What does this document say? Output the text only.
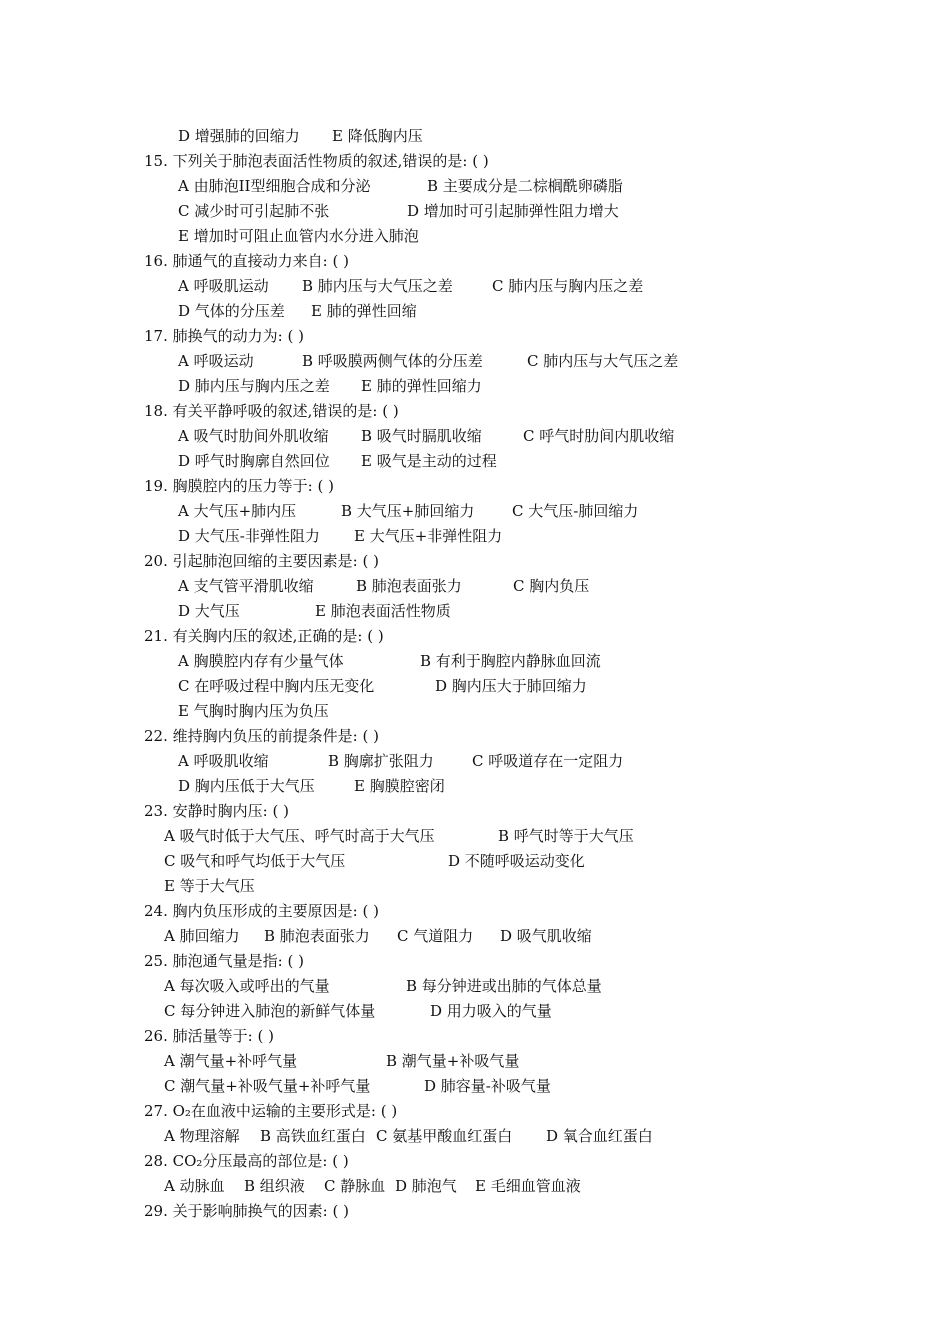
D 增强肺的回缩力 E 降低胸内压
15. 下列关于肺泡表面活性物质的叙述,错误的是: ( )
A 由肺泡II型细胞合成和分泌	B 主要成分是二棕榈酰卵磷脂
C 减少时可引起肺不张	D 增加时可引起肺弹性阻力增大
E 增加时可阻止血管内水分进入肺泡
16. 肺通气的直接动力来自: ( )
A 呼吸肌运动 B 肺内压与大气压之差	C 肺内压与胸内压之差
D 气体的分压差 E 肺的弹性回缩
17. 肺换气的动力为: ( )
A 呼吸运动	B 呼吸膜两侧气体的分压差	C 肺内压与大气压之差
D 肺内压与胸内压之差 E 肺的弹性回缩力
18. 有关平静呼吸的叙述,错误的是: ( )
A 吸气时肋间外肌收缩 B 吸气时膈肌收缩	C 呼气时肋间内肌收缩
D 呼气时胸廓自然回位 E 吸气是主动的过程
19. 胸膜腔内的压力等于: ( )
A 大气压+肺内压	B 大气压+肺回缩力	C 大气压-肺回缩力
D 大气压-非弹性阻力 E 大气压+非弹性阻力
20. 引起肺泡回缩的主要因素是: ( )
A 支气管平滑肌收缩	B 肺泡表面张力	C 胸内负压
D 大气压	E 肺泡表面活性物质
21. 有关胸内压的叙述,正确的是: ( )
A 胸膜腔内存有少量气体	B 有利于胸腔内静脉血回流
C 在呼吸过程中胸内压无变化	D 胸内压大于肺回缩力
E 气胸时胸内压为负压
22. 维持胸内负压的前提条件是: ( )
A 呼吸肌收缩	B 胸廓扩张阻力	C 呼吸道存在一定阻力
D 胸内压低于大气压	E 胸膜腔密闭
23. 安静时胸内压: ( )
A 吸气时低于大气压、呼气时高于大气压	B 呼气时等于大气压
C 吸气和呼气均低于大气压	D 不随呼吸运动变化
E 等于大气压
24. 胸内负压形成的主要原因是: ( )
A 肺回缩力 B 肺泡表面张力 C 气道阻力 D 吸气肌收缩
25. 肺泡通气量是指: ( )
A 每次吸入或呼出的气量	B 每分钟进或出肺的气体总量
C 每分钟进入肺泡的新鲜气体量	D 用力吸入的气量
26. 肺活量等于: ( )
A 潮气量+补呼气量	B 潮气量+补吸气量
C 潮气量+补吸气量+补呼气量	D 肺容量-补吸气量
27. O₂在血液中运输的主要形式是: ( )
A 物理溶解 B 高铁血红蛋白 C 氨基甲酸血红蛋白 D 氧合血红蛋白
28. CO₂分压最高的部位是: ( )
A 动脉血 B 组织液 C 静脉血 D 肺泡气 E 毛细血管血液
29. 关于影响肺换气的因素: ( )
